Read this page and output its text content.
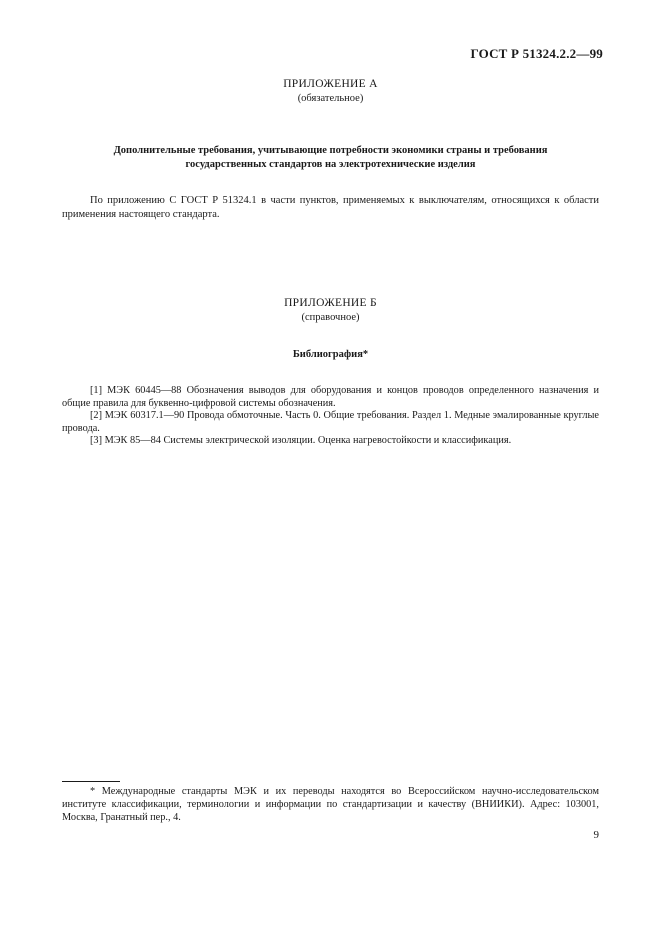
ГОСТ Р 51324.2.2—99
ПРИЛОЖЕНИЕ А
(обязательное)
Дополнительные требования, учитывающие потребности экономики страны и требования
государственных стандартов на электротехнические изделия
По приложению С ГОСТ Р 51324.1 в части пунктов, применяемых к выключателям, относящихся к области применения настоящего стандарта.
ПРИЛОЖЕНИЕ Б
(справочное)
Библиография*
[1] МЭК 60445—88 Обозначения выводов для оборудования и концов проводов определенного назначения и общие правила для буквенно-цифровой системы обозначения.
[2] МЭК 60317.1—90 Провода обмоточные. Часть 0. Общие требования. Раздел 1. Медные эмалированные круглые провода.
[3] МЭК 85—84 Системы электрической изоляции. Оценка нагревостойкости и классификация.
* Международные стандарты МЭК и их переводы находятся во Всероссийском научно-исследовательском институте классификации, терминологии и информации по стандартизации и качеству (ВНИИКИ). Адрес: 103001, Москва, Гранатный пер., 4.
9
